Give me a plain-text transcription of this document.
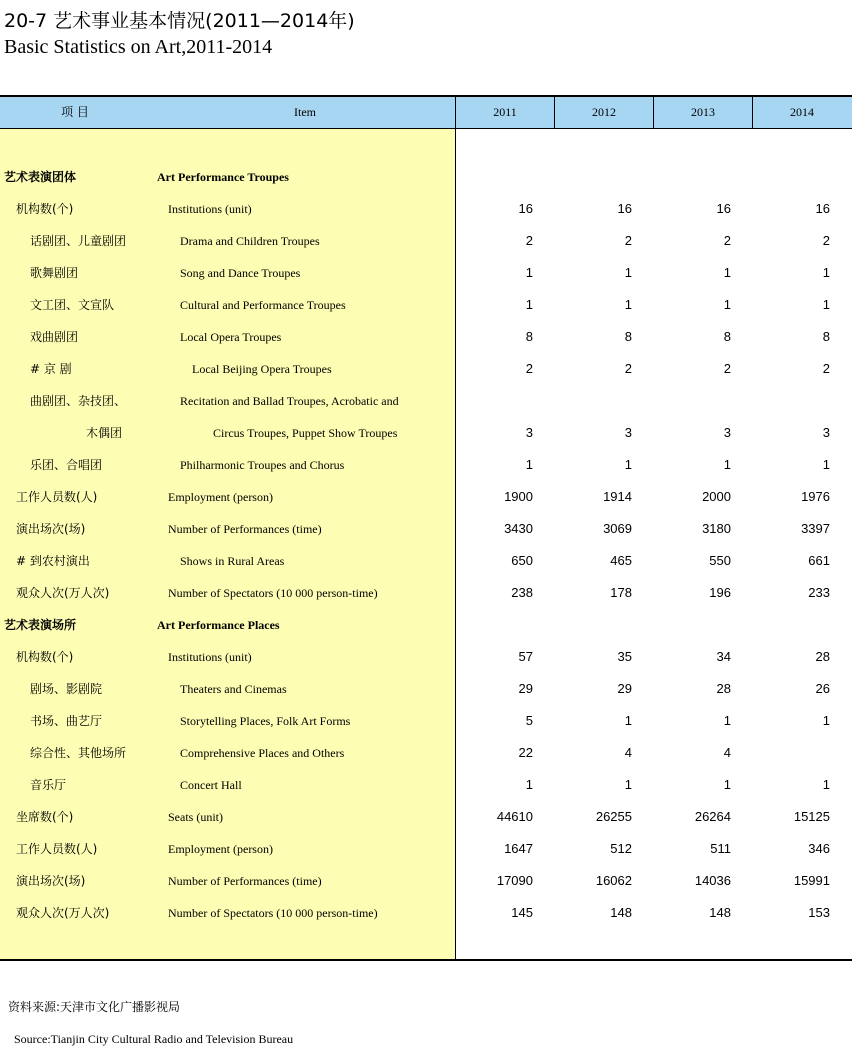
20-7 艺术事业基本情况(2011—2014年)
Basic Statistics on Art,2011-2014
项 目	Item	2011	2012	2013	2014
艺术表演团体	Art Performance Troupes
机构数(个)	Institutions (unit)	16	16	16	16
话剧团、儿童剧团	Drama and Children Troupes	2	2	2	2
歌舞剧团	Song and Dance Troupes	1	1	1	1
文工团、文宣队	Cultural and Performance Troupes	1	1	1	1
戏曲剧团	Local Opera Troupes	8	8	8	8
# 京 剧	Local Beijing Opera Troupes	2	2	2	2
曲剧团、杂技团、	Recitation and Ballad Troupes, Acrobatic and
木偶团	Circus Troupes, Puppet Show Troupes	3	3	3	3
乐团、合唱团	Philharmonic Troupes and Chorus	1	1	1	1
工作人员数(人)	Employment (person)	1900	1914	2000	1976
演出场次(场)	Number of Performances (time)	3430	3069	3180	3397
# 到农村演出	Shows in Rural Areas	650	465	550	661
观众人次(万人次)	Number of Spectators (10 000 person-time)	238	178	196	233
艺术表演场所	Art Performance Places
机构数(个)	Institutions (unit)	57	35	34	28
剧场、影剧院	Theaters and Cinemas	29	29	28	26
书场、曲艺厅	Storytelling Places, Folk Art Forms	5	1	1	1
综合性、其他场所	Comprehensive Places and Others	22	4	4
音乐厅	Concert Hall	1	1	1	1
坐席数(个)	Seats (unit)	44610	26255	26264	15125
工作人员数(人)	Employment (person)	1647	512	511	346
演出场次(场)	Number of Performances (time)	17090	16062	14036	15991
观众人次(万人次)	Number of Spectators (10 000 person-time)	145	148	148	153
资料来源:天津市文化广播影视局
Source:Tianjin City Cultural Radio and Television Bureau
